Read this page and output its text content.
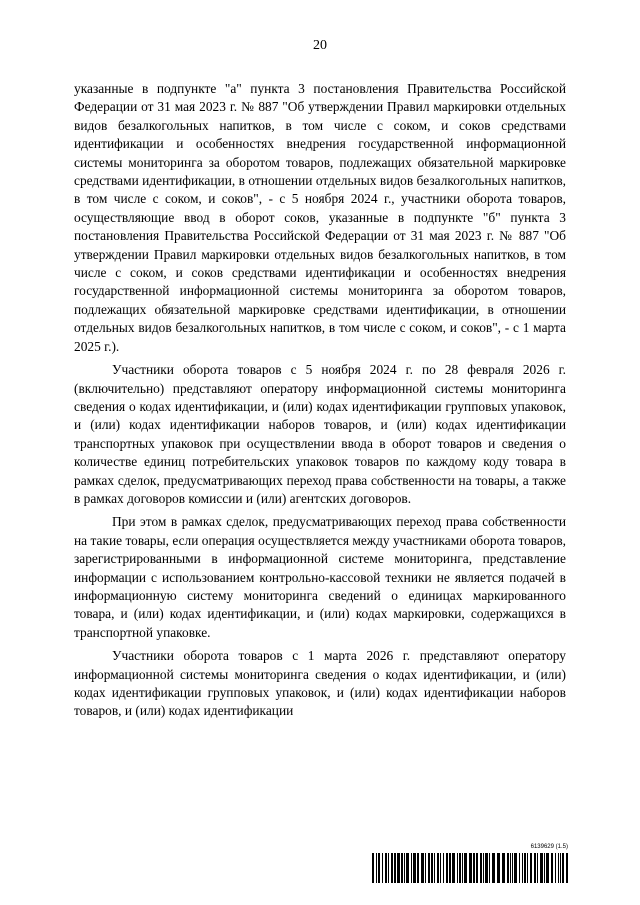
20

указанные в подпункте "а" пункта 3 постановления Правительства Российской Федерации от 31 мая 2023 г. № 887 "Об утверждении Правил маркировки отдельных видов безалкогольных напитков, в том числе с соком, и соков средствами идентификации и особенностях внедрения государственной информационной системы мониторинга за оборотом товаров, подлежащих обязательной маркировке средствами идентификации, в отношении отдельных видов безалкогольных напитков, в том числе с соком, и соков", - с 5 ноября 2024 г., участники оборота товаров, осуществляющие ввод в оборот соков, указанные в подпункте "б" пункта 3 постановления Правительства Российской Федерации от 31 мая 2023 г. № 887 "Об утверждении Правил маркировки отдельных видов безалкогольных напитков, в том числе с соком, и соков средствами идентификации и особенностях внедрения государственной информационной системы мониторинга за оборотом товаров, подлежащих обязательной маркировке средствами идентификации, в отношении отдельных видов безалкогольных напитков, в том числе с соком, и соков", - с 1 марта 2025 г.).

Участники оборота товаров с 5 ноября 2024 г. по 28 февраля 2026 г. (включительно) представляют оператору информационной системы мониторинга сведения о кодах идентификации, и (или) кодах идентификации групповых упаковок, и (или) кодах идентификации наборов товаров, и (или) кодах идентификации транспортных упаковок при осуществлении ввода в оборот товаров и сведения о количестве единиц потребительских упаковок товаров по каждому коду товара в рамках сделок, предусматривающих переход права собственности на товары, а также в рамках договоров комиссии и (или) агентских договоров.

При этом в рамках сделок, предусматривающих переход права собственности на такие товары, если операция осуществляется между участниками оборота товаров, зарегистрированными в информационной системе мониторинга, представление информации с использованием контрольно-кассовой техники не является подачей в информационную систему мониторинга сведений о единицах маркированного товара, и (или) кодах идентификации, и (или) кодах маркировки, содержащихся в транспортной упаковке.

Участники оборота товаров с 1 марта 2026 г. представляют оператору информационной системы мониторинга сведения о кодах идентификации, и (или) кодах идентификации групповых упаковок, и (или) кодах идентификации наборов товаров, и (или) кодах идентификации

6139629 (1.5)
